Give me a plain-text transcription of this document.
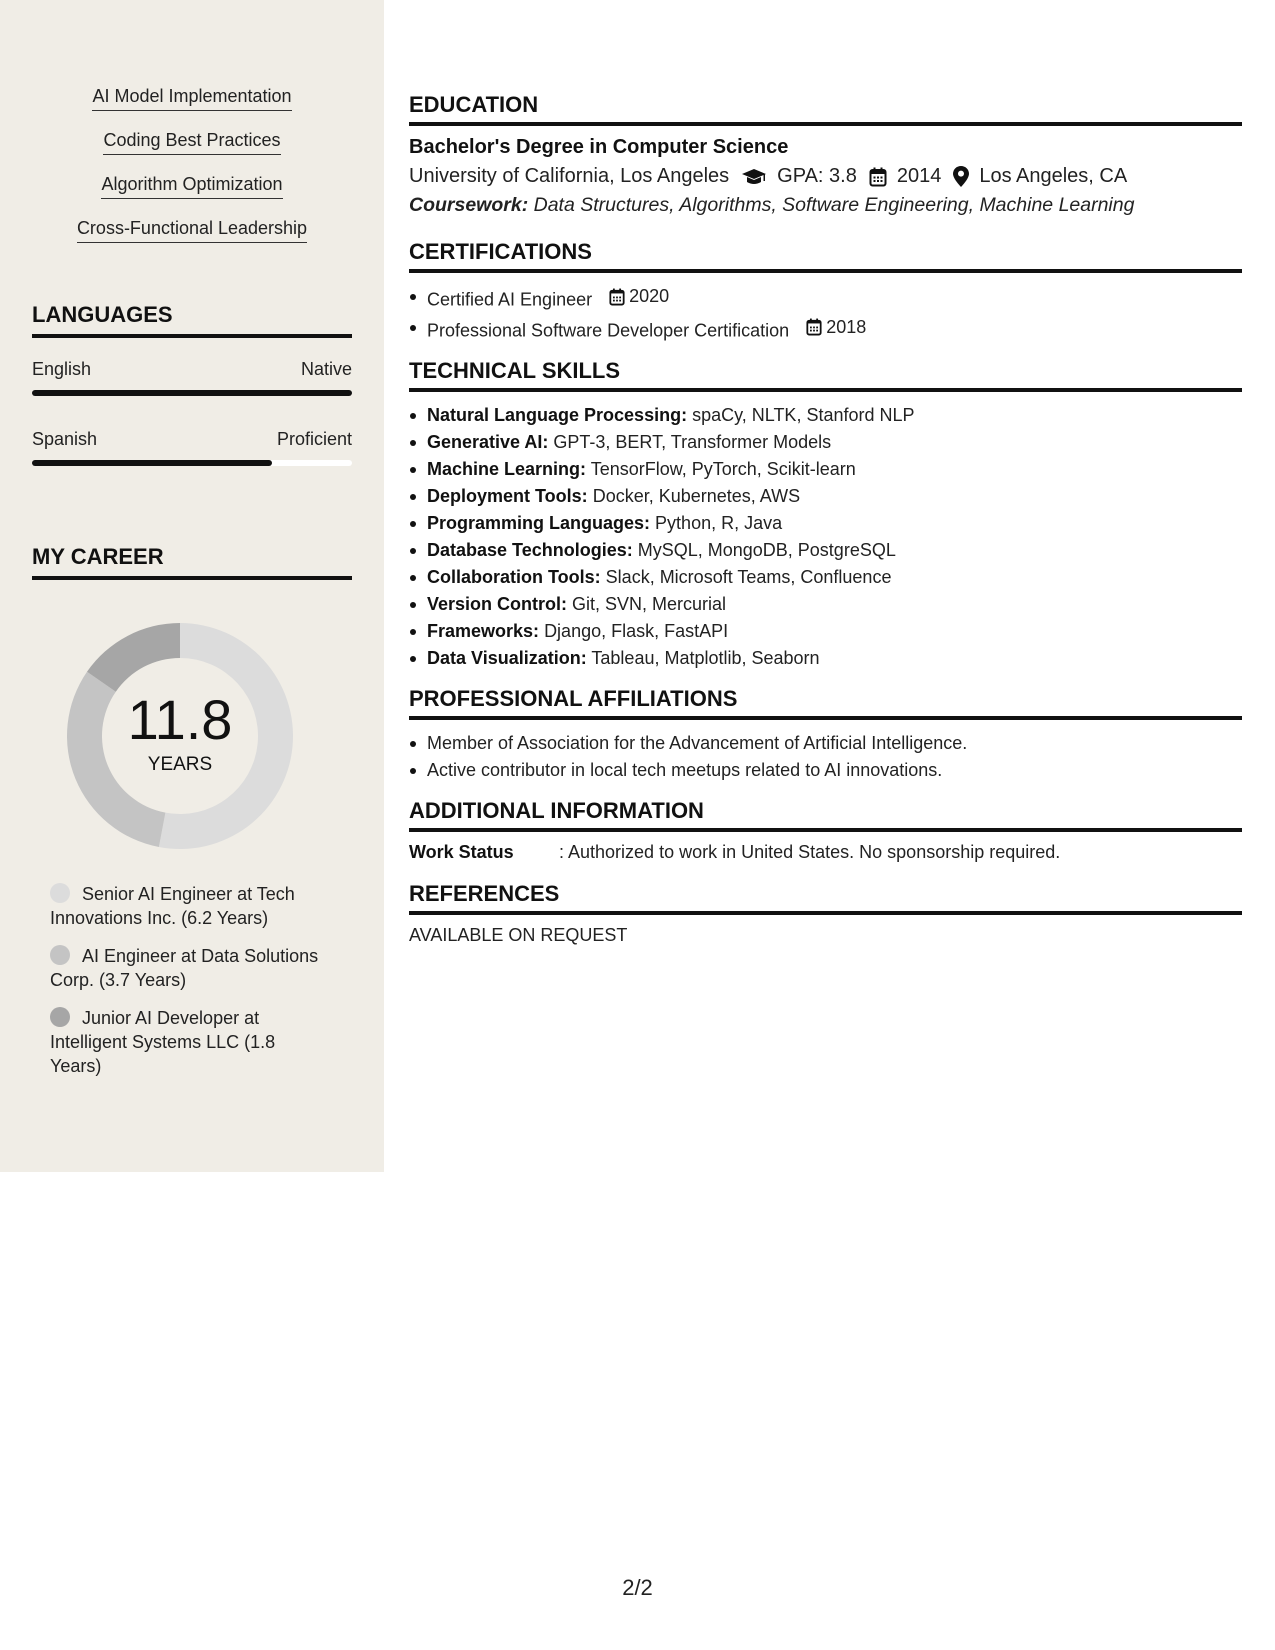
AI Model Implementation
Coding Best Practices
Algorithm Optimization
Cross-Functional Leadership
LANGUAGES
English	Native
Spanish	Proficient
MY CAREER
11.8
YEARS
Senior AI Engineer at Tech Innovations Inc. (6.2 Years)
AI Engineer at Data Solutions Corp. (3.7 Years)
Junior AI Developer at Intelligent Systems LLC (1.8 Years)
EDUCATION
Bachelor's Degree in Computer Science
University of California, Los Angeles GPA: 3.8 2014 Los Angeles, CA
Coursework: Data Structures, Algorithms, Software Engineering, Machine Learning
CERTIFICATIONS
Certified AI Engineer 2020
Professional Software Developer Certification 2018
TECHNICAL SKILLS
Natural Language Processing: spaCy, NLTK, Stanford NLP
Generative AI: GPT-3, BERT, Transformer Models
Machine Learning: TensorFlow, PyTorch, Scikit-learn
Deployment Tools: Docker, Kubernetes, AWS
Programming Languages: Python, R, Java
Database Technologies: MySQL, MongoDB, PostgreSQL
Collaboration Tools: Slack, Microsoft Teams, Confluence
Version Control: Git, SVN, Mercurial
Frameworks: Django, Flask, FastAPI
Data Visualization: Tableau, Matplotlib, Seaborn
PROFESSIONAL AFFILIATIONS
Member of Association for the Advancement of Artificial Intelligence.
Active contributor in local tech meetups related to AI innovations.
ADDITIONAL INFORMATION
Work Status	: Authorized to work in United States. No sponsorship required.
REFERENCES
AVAILABLE ON REQUEST
2/2
